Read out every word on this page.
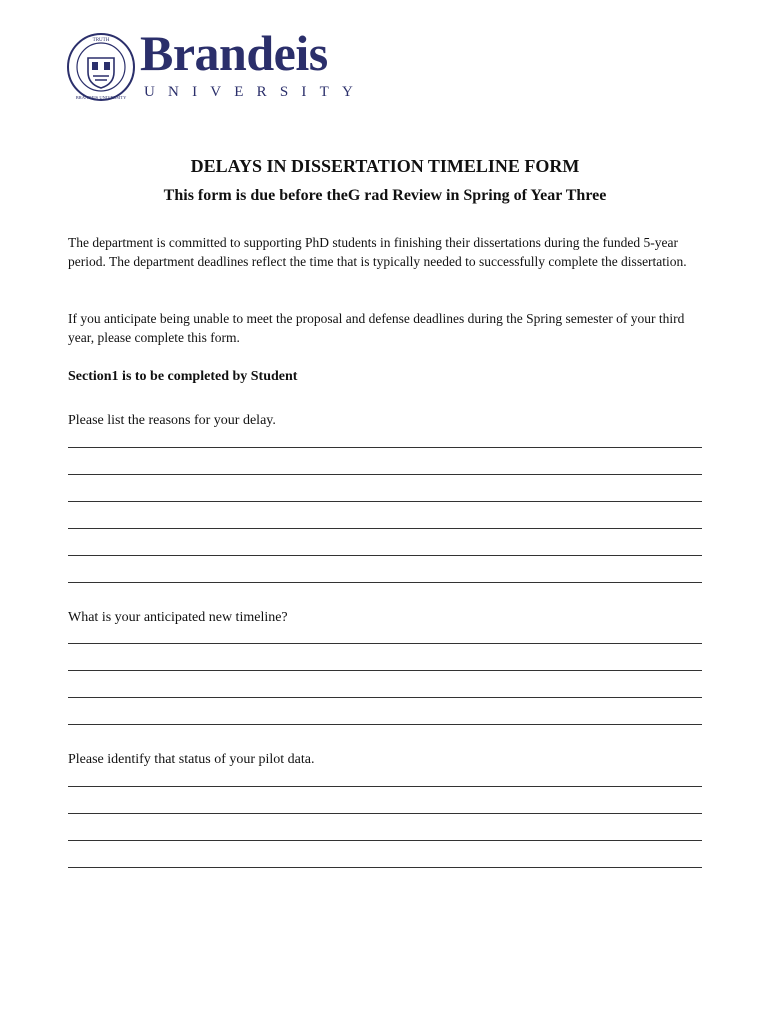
TRUTH
BRANDEIS UNIVERSITY
Brandeis
UNIVERSITY
DELAYS IN DISSERTATION TIMELINE FORM
This form is due before theG rad Review in Spring of Year Three
The department is committed to supporting PhD students in finishing their dissertations during the funded 5-year period. The department deadlines reflect the time that is typically needed to successfully complete the dissertation.
If you anticipate being unable to meet the proposal and defense deadlines during the Spring semester of your third year, please complete this form.
Section1 is to be completed by Student
Please list the reasons for your delay.
What is your anticipated new timeline?
Please identify that status of your pilot data.
